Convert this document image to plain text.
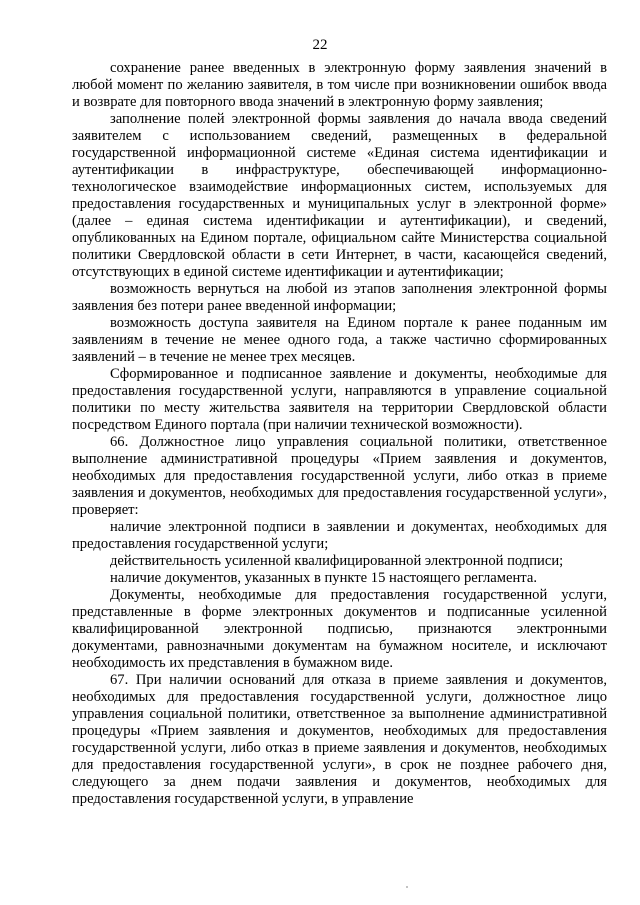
22

сохранение ранее введенных в электронную форму заявления значений в любой момент по желанию заявителя, в том числе при возникновении ошибок ввода и возврате для повторного ввода значений в электронную форму заявления;

заполнение полей электронной формы заявления до начала ввода сведений заявителем с использованием сведений, размещенных в федеральной государственной информационной системе «Единая система идентификации и аутентификации в инфраструктуре, обеспечивающей информационно-технологическое взаимодействие информационных систем, используемых для предоставления государственных и муниципальных услуг в электронной форме» (далее – единая система идентификации и аутентификации), и сведений, опубликованных на Едином портале, официальном сайте Министерства социальной политики Свердловской области в сети Интернет, в части, касающейся сведений, отсутствующих в единой системе идентификации и аутентификации;

возможность вернуться на любой из этапов заполнения электронной формы заявления без потери ранее введенной информации;

возможность доступа заявителя на Едином портале к ранее поданным им заявлениям в течение не менее одного года, а также частично сформированных заявлений – в течение не менее трех месяцев.

Сформированное и подписанное заявление и документы, необходимые для предоставления государственной услуги, направляются в управление социальной политики по месту жительства заявителя на территории Свердловской области посредством Единого портала (при наличии технической возможности).

66. Должностное лицо управления социальной политики, ответственное выполнение административной процедуры «Прием заявления и документов, необходимых для предоставления государственной услуги, либо отказ в приеме заявления и документов, необходимых для предоставления государственной услуги», проверяет:

наличие электронной подписи в заявлении и документах, необходимых для предоставления государственной услуги;

действительность усиленной квалифицированной электронной подписи;

наличие документов, указанных в пункте 15 настоящего регламента.

Документы, необходимые для предоставления государственной услуги, представленные в форме электронных документов и подписанные усиленной квалифицированной электронной подписью, признаются электронными документами, равнозначными документам на бумажном носителе, и исключают необходимость их представления в бумажном виде.

67. При наличии оснований для отказа в приеме заявления и документов, необходимых для предоставления государственной услуги, должностное лицо управления социальной политики, ответственное за выполнение административной процедуры «Прием заявления и документов, необходимых для предоставления государственной услуги, либо отказ в приеме заявления и документов, необходимых для предоставления государственной услуги», в срок не позднее рабочего дня, следующего за днем подачи заявления и документов, необходимых для предоставления государственной услуги, в управление
